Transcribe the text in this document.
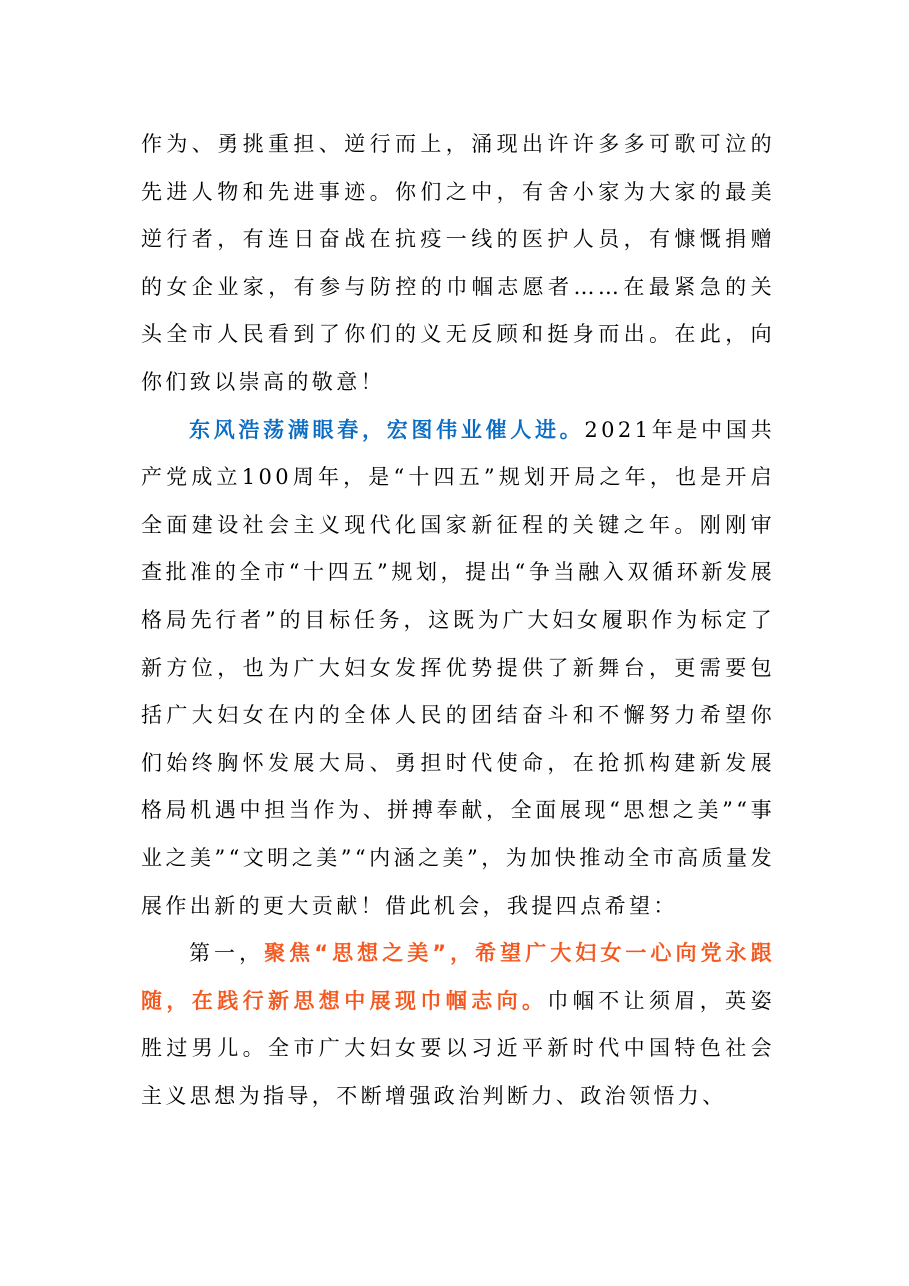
作为、勇挑重担、逆行而上，涌现出许许多多可歌可泣的先进人物和先进事迹。你们之中，有舍小家为大家的最美逆行者，有连日奋战在抗疫一线的医护人员，有慷慨捐赠的女企业家，有参与防控的巾帼志愿者……在最紧急的关头全市人民看到了你们的义无反顾和挺身而出。在此，向你们致以崇高的敬意！

东风浩荡满眼春，宏图伟业催人进。2021年是中国共产党成立100周年，是“十四五”规划开局之年，也是开启全面建设社会主义现代化国家新征程的关键之年。刚刚审查批准的全市“十四五”规划，提出“争当融入双循环新发展格局先行者”的目标任务，这既为广大妇女履职作为标定了新方位，也为广大妇女发挥优势提供了新舞台，更需要包括广大妇女在内的全体人民的团结奋斗和不懈努力希望你们始终胸怀发展大局、勇担时代使命，在抢抓构建新发展格局机遇中担当作为、拼搏奉献，全面展现“思想之美”“事业之美”“文明之美”“内涵之美”，为加快推动全市高质量发展作出新的更大贡献！借此机会，我提四点希望：

第一，聚焦“思想之美”，希望广大妇女一心向党永跟随，在践行新思想中展现巾帼志向。巾帼不让须眉，英姿胜过男儿。全市广大妇女要以习近平新时代中国特色社会主义思想为指导，不断增强政治判断力、政治领悟力、
